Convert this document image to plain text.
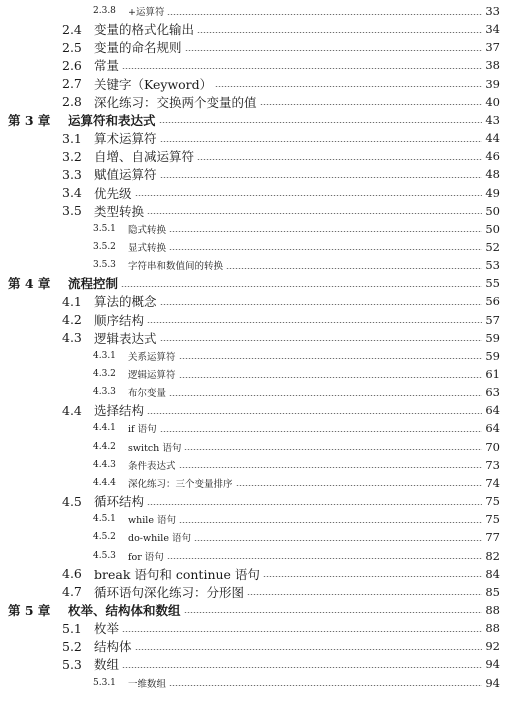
2.3.8	+运算符	33
2.4 变量的格式化输出	34
2.5 变量的命名规则	37
2.6 常量	38
2.7 关键字（Keyword）	39
2.8 深化练习：交换两个变量的值	40
第 3 章	运算符和表达式	43
3.1 算术运算符	44
3.2 自增、自减运算符	46
3.3 赋值运算符	48
3.4 优先级	49
3.5 类型转换	50
3.5.1	隐式转换	50
3.5.2	显式转换	52
3.5.3	字符串和数值间的转换	53
第 4 章	流程控制	55
4.1 算法的概念	56
4.2 顺序结构	57
4.3 逻辑表达式	59
4.3.1	关系运算符	59
4.3.2	逻辑运算符	61
4.3.3	布尔变量	63
4.4 选择结构	64
4.4.1	if 语句	64
4.4.2	switch 语句	70
4.4.3	条件表达式	73
4.4.4	深化练习：三个变量排序	74
4.5 循环结构	75
4.5.1	while 语句	75
4.5.2	do-while 语句	77
4.5.3	for 语句	82
4.6 break 语句和 continue 语句	84
4.7 循环语句深化练习：分形图	85
第 5 章	枚举、结构体和数组	88
5.1 枚举	88
5.2 结构体	92
5.3 数组	94
5.3.1	一维数组	94
